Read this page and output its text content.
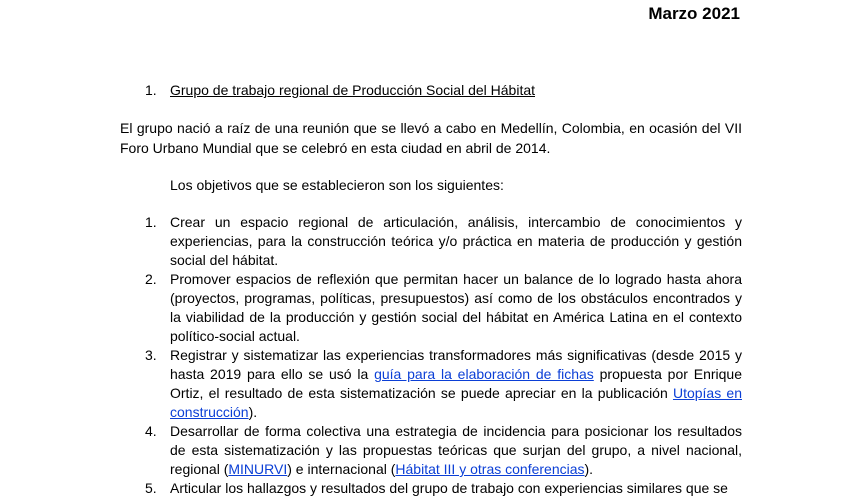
Marzo 2021
1. Grupo de trabajo regional de Producción Social del Hábitat
El grupo nació a raíz de una reunión que se llevó a cabo en Medellín, Colombia, en ocasión del VII Foro Urbano Mundial que se celebró en esta ciudad en abril de 2014.
Los objetivos que se establecieron son los siguientes:
1. Crear un espacio regional de articulación, análisis, intercambio de conocimientos y experiencias, para la construcción teórica y/o práctica en materia de producción y gestión social del hábitat.
2. Promover espacios de reflexión que permitan hacer un balance de lo logrado hasta ahora (proyectos, programas, políticas, presupuestos) así como de los obstáculos encontrados y la viabilidad de la producción y gestión social del hábitat en América Latina en el contexto político-social actual.
3. Registrar y sistematizar las experiencias transformadores más significativas (desde 2015 y hasta 2019 para ello se usó la guía para la elaboración de fichas propuesta por Enrique Ortiz, el resultado de esta sistematización se puede apreciar en la publicación Utopías en construcción).
4. Desarrollar de forma colectiva una estrategia de incidencia para posicionar los resultados de esta sistematización y las propuestas teóricas que surjan del grupo, a nivel nacional, regional (MINURVI) e internacional (Hábitat III y otras conferencias).
5. Articular los hallazgos y resultados del grupo de trabajo con experiencias similares que se
